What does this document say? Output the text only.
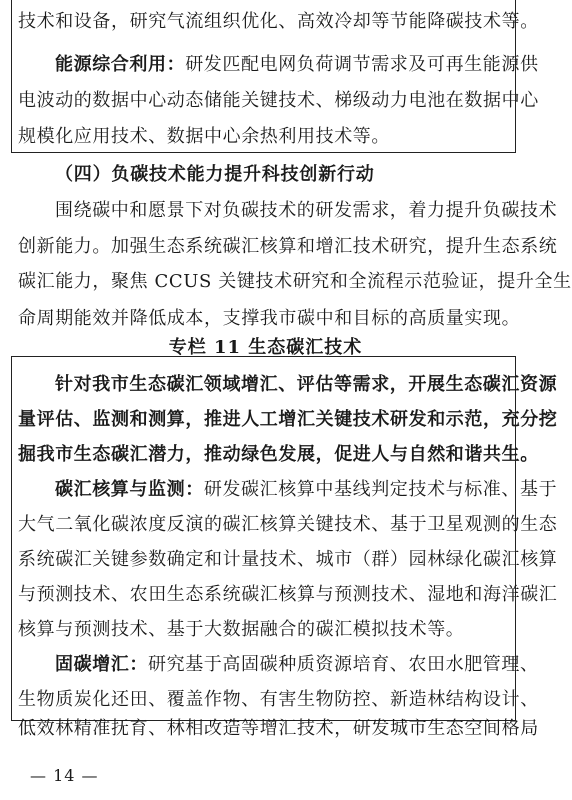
技术和设备，研究气流组织优化、高效冷却等节能降碳技术等。
能源综合利用：研发匹配电网负荷调节需求及可再生能源供
电波动的数据中心动态储能关键技术、梯级动力电池在数据中心
规模化应用技术、数据中心余热利用技术等。
（四）负碳技术能力提升科技创新行动
围绕碳中和愿景下对负碳技术的研发需求，着力提升负碳技术
创新能力。加强生态系统碳汇核算和增汇技术研究，提升生态系统
碳汇能力，聚焦 CCUS 关键技术研究和全流程示范验证，提升全生
命周期能效并降低成本，支撑我市碳中和目标的高质量实现。
专栏 11 生态碳汇技术
针对我市生态碳汇领域增汇、评估等需求，开展生态碳汇资源
量评估、监测和测算，推进人工增汇关键技术研发和示范，充分挖
掘我市生态碳汇潜力，推动绿色发展，促进人与自然和谐共生。
碳汇核算与监测：研发碳汇核算中基线判定技术与标准、基于
大气二氧化碳浓度反演的碳汇核算关键技术、基于卫星观测的生态
系统碳汇关键参数确定和计量技术、城市（群）园林绿化碳汇核算
与预测技术、农田生态系统碳汇核算与预测技术、湿地和海洋碳汇
核算与预测技术、基于大数据融合的碳汇模拟技术等。
固碳增汇：研究基于高固碳种质资源培育、农田水肥管理、
生物质炭化还田、覆盖作物、有害生物防控、新造林结构设计、
低效林精准抚育、林相改造等增汇技术，研发城市生态空间格局
— 14 —
